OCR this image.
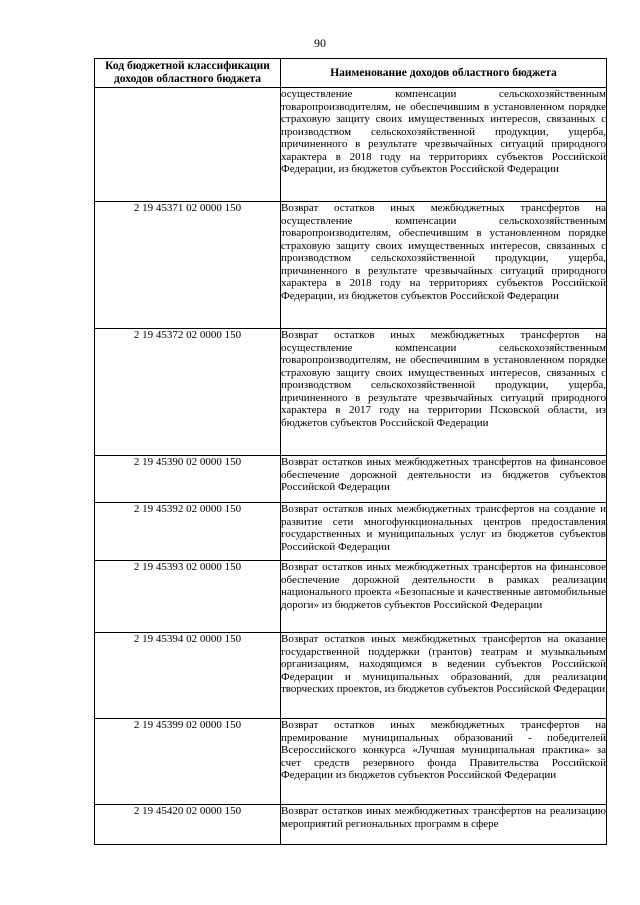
90
Код бюджетной классификации доходов областного бюджета	Наименование доходов областного бюджета
	осуществление компенсации сельскохозяйственным товаропроизводителям, не обеспечившим в установленном порядке страховую защиту своих имущественных интересов, связанных с производством сельскохозяйственной продукции, ущерба, причиненного в результате чрезвычайных ситуаций природного характера в 2018 году на территориях субъектов Российской Федерации, из бюджетов субъектов Российской Федерации
2 19 45371 02 0000 150	Возврат остатков иных межбюджетных трансфертов на осуществление компенсации сельскохозяйственным товаропроизводителям, обеспечившим в установленном порядке страховую защиту своих имущественных интересов, связанных с производством сельскохозяйственной продукции, ущерба, причиненного в результате чрезвычайных ситуаций природного характера в 2018 году на территориях субъектов Российской Федерации, из бюджетов субъектов Российской Федерации
2 19 45372 02 0000 150	Возврат остатков иных межбюджетных трансфертов на осуществление компенсации сельскохозяйственным товаропроизводителям, не обеспечившим в установленном порядке страховую защиту своих имущественных интересов, связанных с производством сельскохозяйственной продукции, ущерба, причиненного в результате чрезвычайных ситуаций природного характера в 2017 году на территории Псковской области, из бюджетов субъектов Российской Федерации
2 19 45390 02 0000 150	Возврат остатков иных межбюджетных трансфертов на финансовое обеспечение дорожной деятельности из бюджетов субъектов Российской Федерации
2 19 45392 02 0000 150	Возврат остатков иных межбюджетных трансфертов на создание и развитие сети многофункциональных центров предоставления государственных и муниципальных услуг из бюджетов субъектов Российской Федерации
2 19 45393 02 0000 150	Возврат остатков иных межбюджетных трансфертов на финансовое обеспечение дорожной деятельности в рамках реализации национального проекта «Безопасные и качественные автомобильные дороги» из бюджетов субъектов Российской Федерации
2 19 45394 02 0000 150	Возврат остатков иных межбюджетных трансфертов на оказание государственной поддержки (грантов) театрам и музыкальным организациям, находящимся в ведении субъектов Российской Федерации и муниципальных образований, для реализации творческих проектов, из бюджетов субъектов Российской Федерации
2 19 45399 02 0000 150	Возврат остатков иных межбюджетных трансфертов на премирование муниципальных образований - победителей Всероссийского конкурса «Лучшая муниципальная практика» за счет средств резервного фонда Правительства Российской Федерации из бюджетов субъектов Российской Федерации
2 19 45420 02 0000 150	Возврат остатков иных межбюджетных трансфертов на реализацию мероприятий региональных программ в сфере
